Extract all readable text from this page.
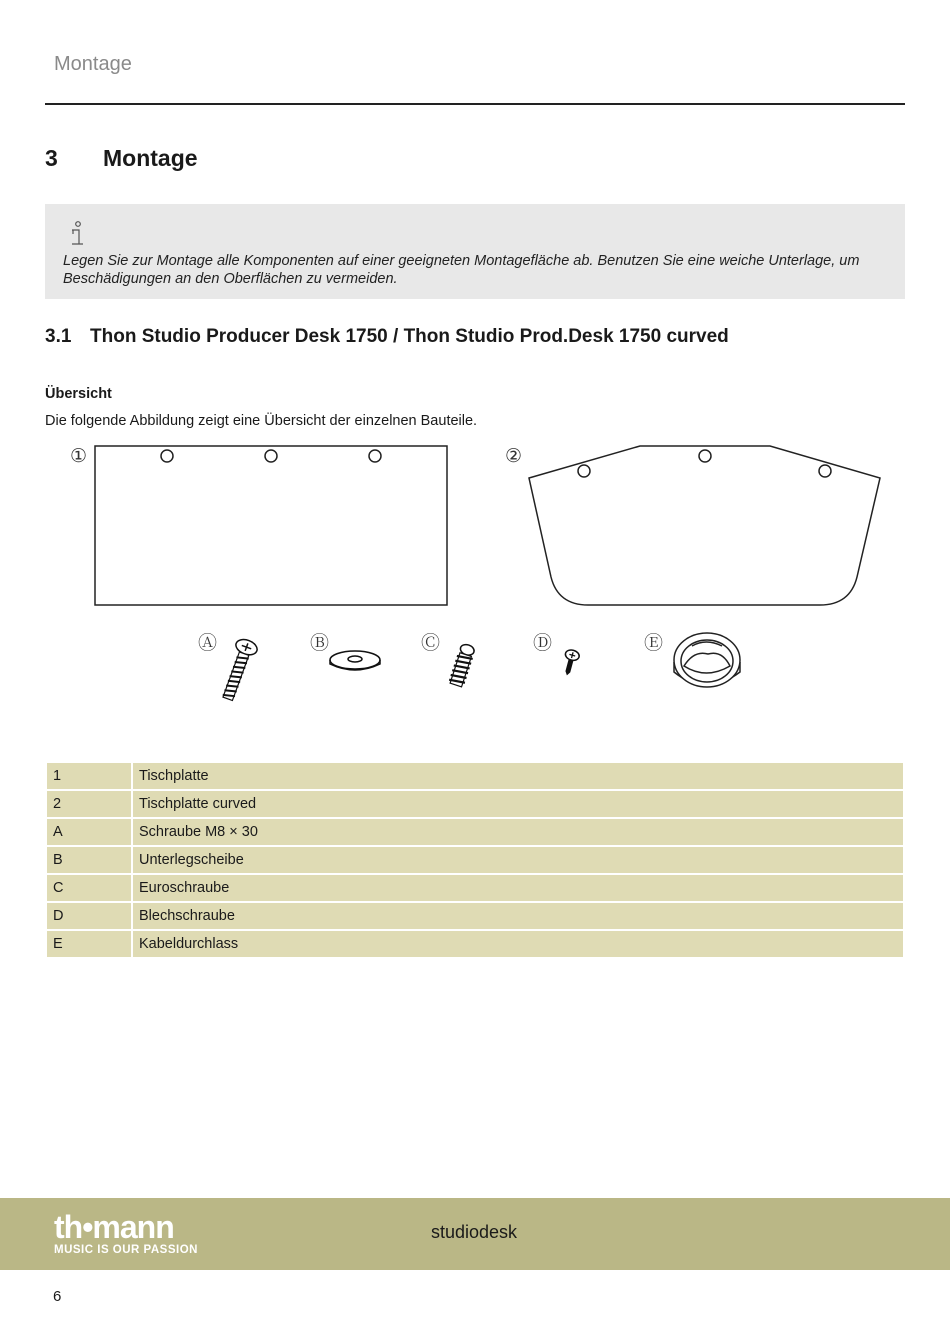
Montage
3 Montage
Legen Sie zur Montage alle Komponenten auf einer geeigneten Montagefläche ab. Benutzen Sie eine weiche Unterlage, um Beschädigungen an den Oberflächen zu vermeiden.
3.1 Thon Studio Producer Desk 1750 / Thon Studio Prod.Desk 1750 curved
Übersicht
Die folgende Abbildung zeigt eine Übersicht der einzelnen Bauteile.
①	②
Ⓐ	Ⓑ	Ⓒ	Ⓓ	Ⓔ
1	Tischplatte
2	Tischplatte curved
A	Schraube M8 × 30
B	Unterlegscheibe
C	Euroschraube
D	Blechschraube
E	Kabeldurchlass
th•mann
MUSIC IS OUR PASSION
studiodesk
6
